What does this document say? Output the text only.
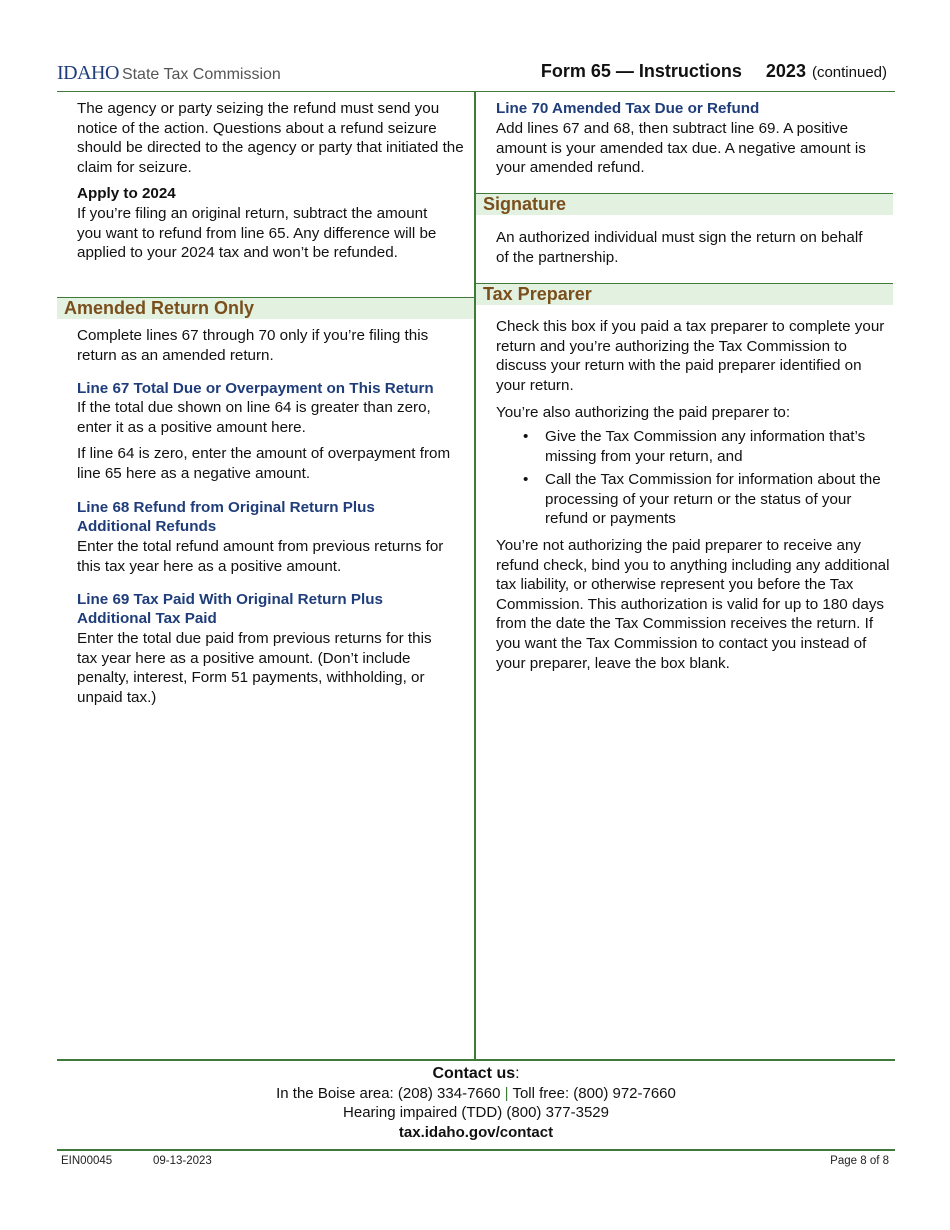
IDAHO State Tax Commission	Form 65 — Instructions 2023 (continued)

The agency or party seizing the refund must send you notice of the action. Questions about a refund seizure should be directed to the agency or party that initiated the claim for seizure.

Apply to 2024

If you’re filing an original return, subtract the amount you want to refund from line 65. Any difference will be applied to your 2024 tax and won’t be refunded.

Amended Return Only

Complete lines 67 through 70 only if you’re filing this return as an amended return.

Line 67 Total Due or Overpayment on This Return

If the total due shown on line 64 is greater than zero, enter it as a positive amount here.

If line 64 is zero, enter the amount of overpayment from line 65 here as a negative amount.

Line 68 Refund from Original Return Plus

Additional Refunds

Enter the total refund amount from previous returns for this tax year here as a positive amount.

Line 69 Tax Paid With Original Return Plus

Additional Tax Paid

Enter the total due paid from previous returns for this tax year here as a positive amount. (Don’t include penalty, interest, Form 51 payments, withholding, or unpaid tax.)

Line 70 Amended Tax Due or Refund

Add lines 67 and 68, then subtract line 69. A positive amount is your amended tax due. A negative amount is your amended refund.

Signature

An authorized individual must sign the return on behalf of the partnership.

Tax Preparer

Check this box if you paid a tax preparer to complete your return and you’re authorizing the Tax Commission to discuss your return with the paid preparer identified on your return.

You’re also authorizing the paid preparer to:

• Give the Tax Commission any information that’s missing from your return, and
• Call the Tax Commission for information about the processing of your return or the status of your refund or payments

You’re not authorizing the paid preparer to receive any refund check, bind you to anything including any additional tax liability, or otherwise represent you before the Tax Commission. This authorization is valid for up to 180 days from the date the Tax Commission receives the return. If you want the Tax Commission to contact you instead of your preparer, leave the box blank.

Contact us:

In the Boise area: (208) 334-7660 | Toll free: (800) 972-7660

Hearing impaired (TDD) (800) 377-3529

tax.idaho.gov/contact

EIN00045	09-13-2023	Page 8 of 8
